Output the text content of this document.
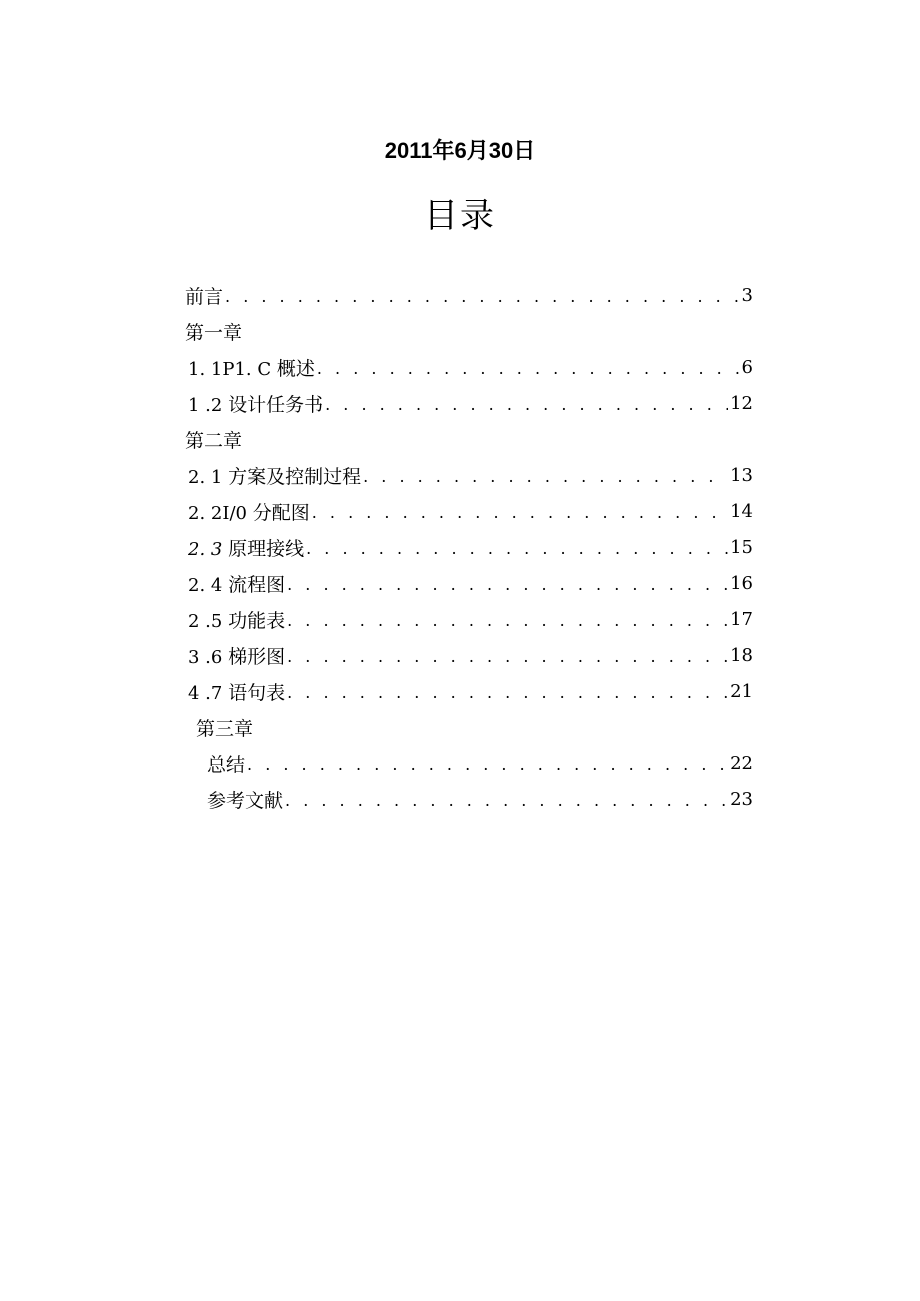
2011年6月30日
目录
前言 . . .	3
第一章
1. 1P1. C 概述 . . .	6
1 .2 设计任务书 . . .	12
第二章
2. 1 方案及控制过程 . . .	13
2. 2I/0 分配图 . . .	14
2. 3 原理接线 . . .	15
2. 4 流程图 . . .	16
2 .5 功能表 . . .	17
3 .6 梯形图 . . .	18
4 .7 语句表 . . .	21
第三章
总结 . . .	22
参考文献 . . .	23
